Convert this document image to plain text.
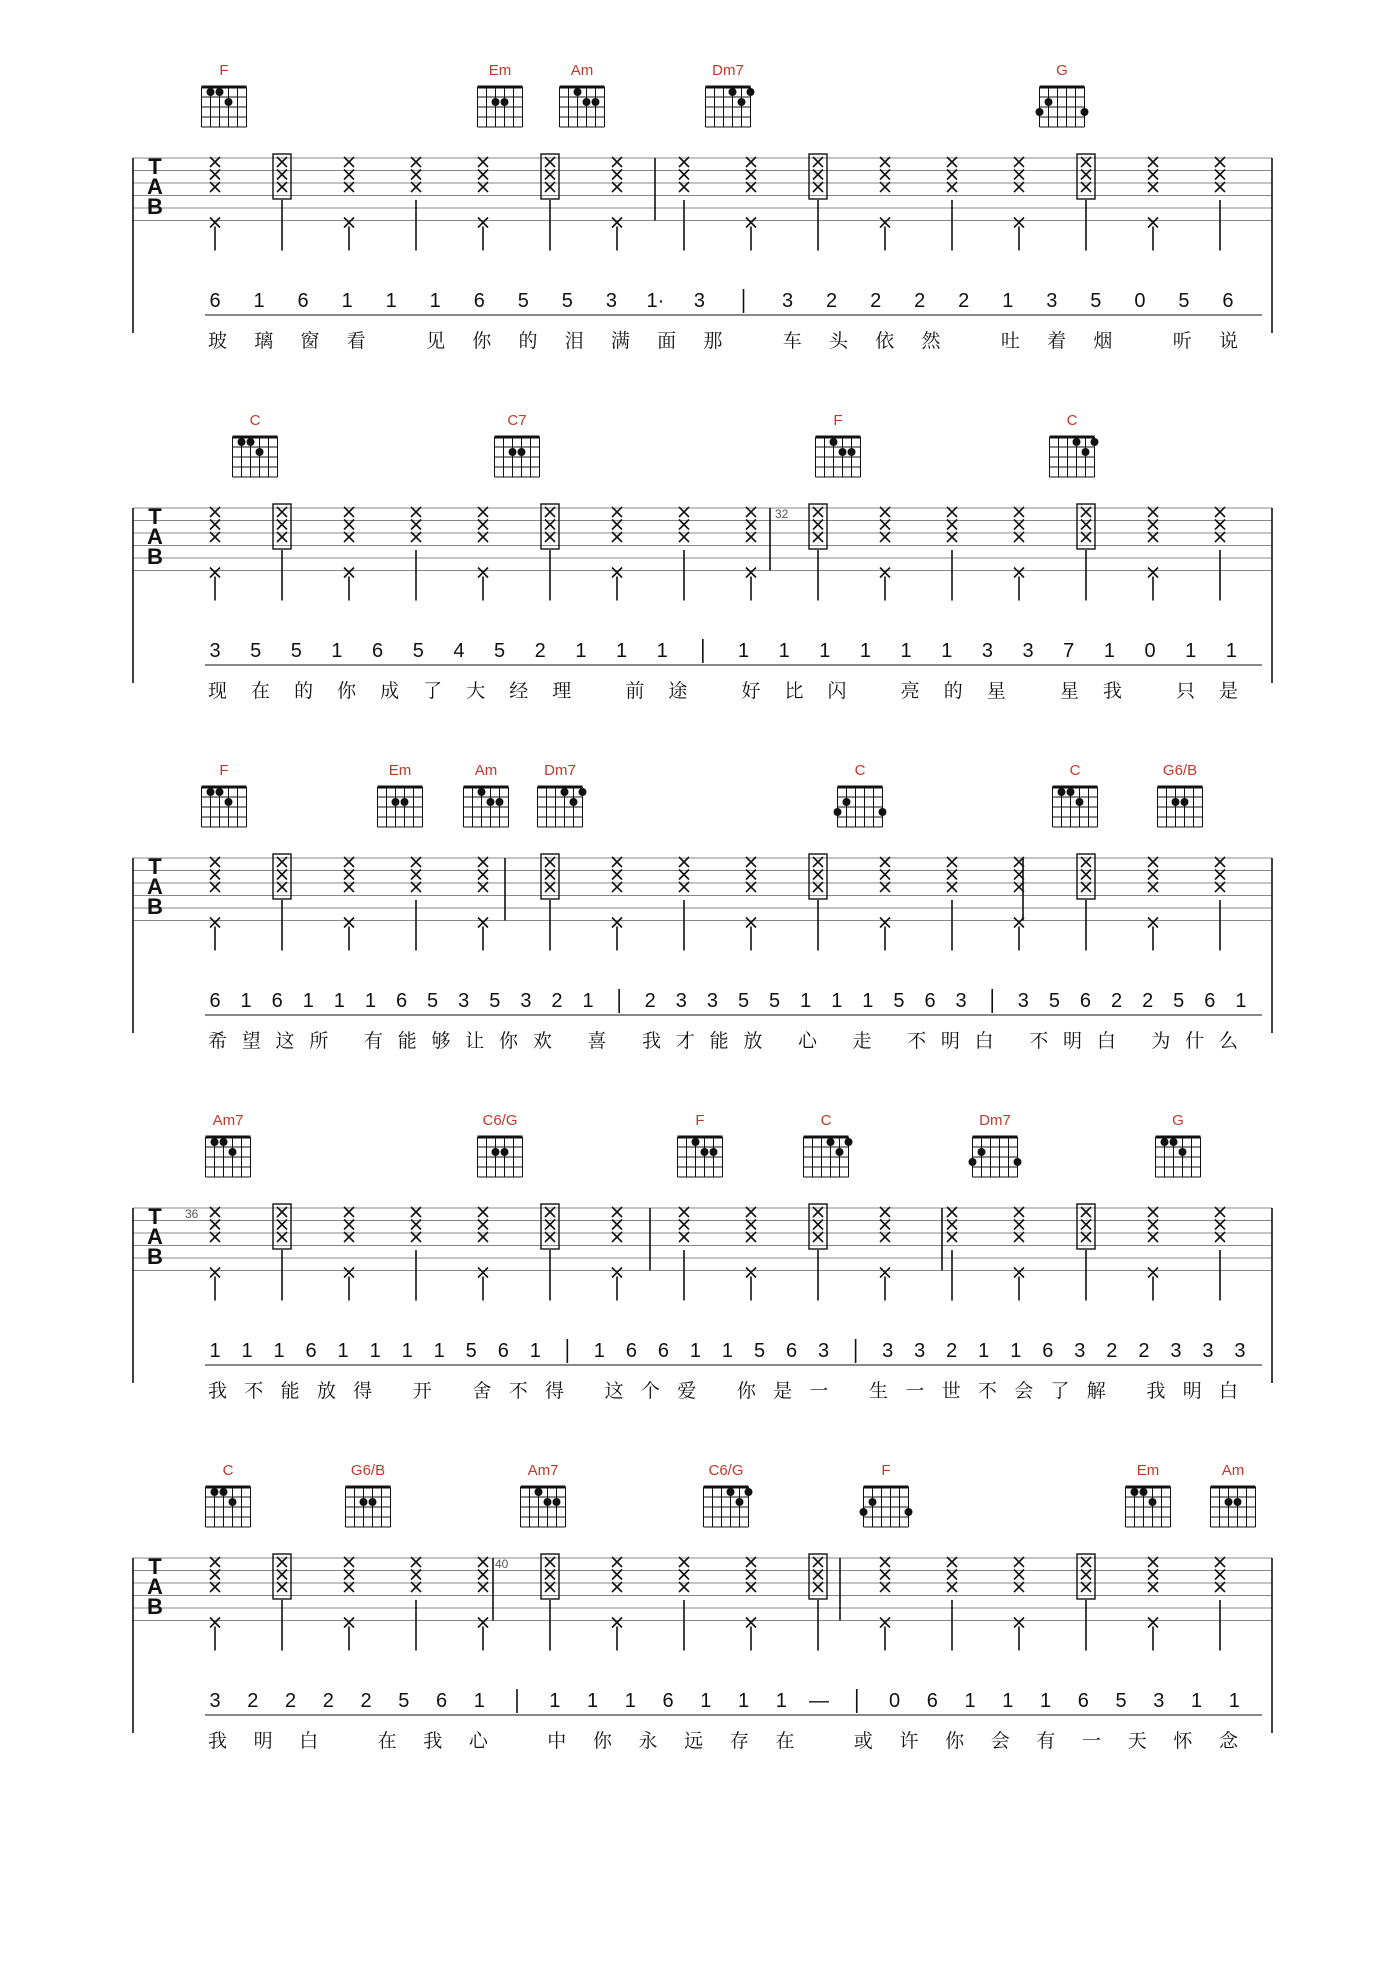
F	Em	Am	Dm7	G
T
A
B
6 1 6 1 1 1 6 5 5 3 1· 3	3 2 2 2 2 1 3 5 0 5 6
玻璃窗看 见你的泪满面那 车头依然 吐着烟 听说
C	C7	F	C
T
A
B
32
3 5 5 1 6 5 4 5 2 1 1 1	1 1 1 1 1 1 3 3 7 1 0 1 1
现在的你成了大经理 前途 好比闪 亮的星 星我 只是
F	Em	Am	Dm7	C	C	G6/B
T
A
B
6 1 6 1 1 1 6 5 3 5 3 2 1	2 3 3 5 5 1 1 1 5 6 3	3 5 6 2 2 5 6 1
希望这所 有能够让你欢 喜 我才能放 心 走 不明白 不明白 为什么
Am7	C6/G	F	C	Dm7	G
T
A
B
36
1 1 1 6 1 1 1 1 5 6 1	1 6 6 1 1 5 6 3	3 3 2 1 1 6 3 2 2 3 3 3
我不能放得 开 舍不得 这个爱 你是一 生一世不会了解 我明白
C	G6/B	Am7	C6/G	F	Em	Am
T
A
B
40
3 2 2 2 2 5 6 1	1 1 1 6 1 1 1 —	0 6 1 1 1 6 5 3 1 1
我明白 在我心 中你永远存在 或许你会有一天怀念
